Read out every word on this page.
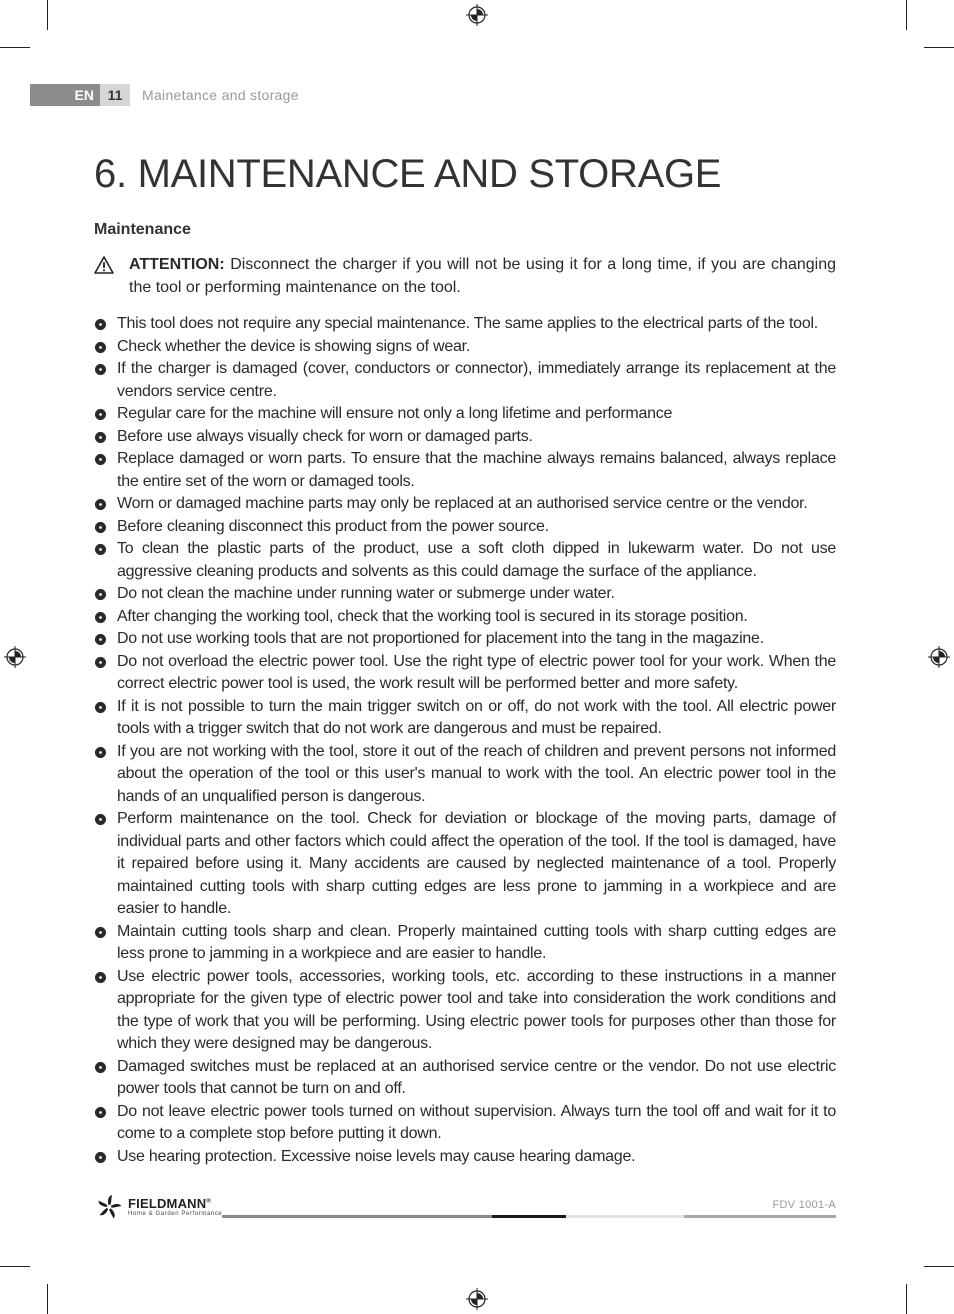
EN 11	Mainetance and storage
6. MAINTENANCE AND STORAGE
Maintenance
ATTENTION: Disconnect the charger if you will not be using it for a long time, if you are changing the tool or performing maintenance on the tool.
This tool does not require any special maintenance. The same applies to the electrical parts of the tool.
Check whether the device is showing signs of wear.
If the charger is damaged (cover, conductors or connector), immediately arrange its replacement at the vendors service centre.
Regular care for the machine will ensure not only a long lifetime and performance
Before use always visually check for worn or damaged parts.
Replace damaged or worn parts. To ensure that the machine always remains balanced, always replace the entire set of the worn or damaged tools.
Worn or damaged machine parts may only be replaced at an authorised service centre or the vendor.
Before cleaning disconnect this product from the power source.
To clean the plastic parts of the product, use a soft cloth dipped in lukewarm water. Do not use aggressive cleaning products and solvents as this could damage the surface of the appliance.
Do not clean the machine under running water or submerge under water.
After changing the working tool, check that the working tool is secured in its storage position.
Do not use working tools that are not proportioned for placement into the tang in the magazine.
Do not overload the electric power tool. Use the right type of electric power tool for your work. When the correct electric power tool is used, the work result will be performed better and more safety.
If it is not possible to turn the main trigger switch on or off, do not work with the tool. All electric power tools with a trigger switch that do not work are dangerous and must be repaired.
If you are not working with the tool, store it out of the reach of children and prevent persons not informed about the operation of the tool or this user's manual to work with the tool. An electric power tool in the hands of an unqualified person is dangerous.
Perform maintenance on the tool. Check for deviation or blockage of the moving parts, damage of individual parts and other factors which could affect the operation of the tool. If the tool is damaged, have it repaired before using it. Many accidents are caused by neglected maintenance of a tool. Properly maintained cutting tools with sharp cutting edges are less prone to jamming in a workpiece and are easier to handle.
Maintain cutting tools sharp and clean. Properly maintained cutting tools with sharp cutting edges are less prone to jamming in a workpiece and are easier to handle.
Use electric power tools, accessories, working tools, etc. according to these instructions in a manner appropriate for the given type of electric power tool and take into consideration the work conditions and the type of work that you will be performing. Using electric power tools for purposes other than those for which they were designed may be dangerous.
Damaged switches must be replaced at an authorised service centre or the vendor. Do not use electric power tools that cannot be turn on and off.
Do not leave electric power tools turned on without supervision. Always turn the tool off and wait for it to come to a complete stop before putting it down.
Use hearing protection. Excessive noise levels may cause hearing damage.
FIELDMANN®
Home & Garden Performance
FDV 1001-A
